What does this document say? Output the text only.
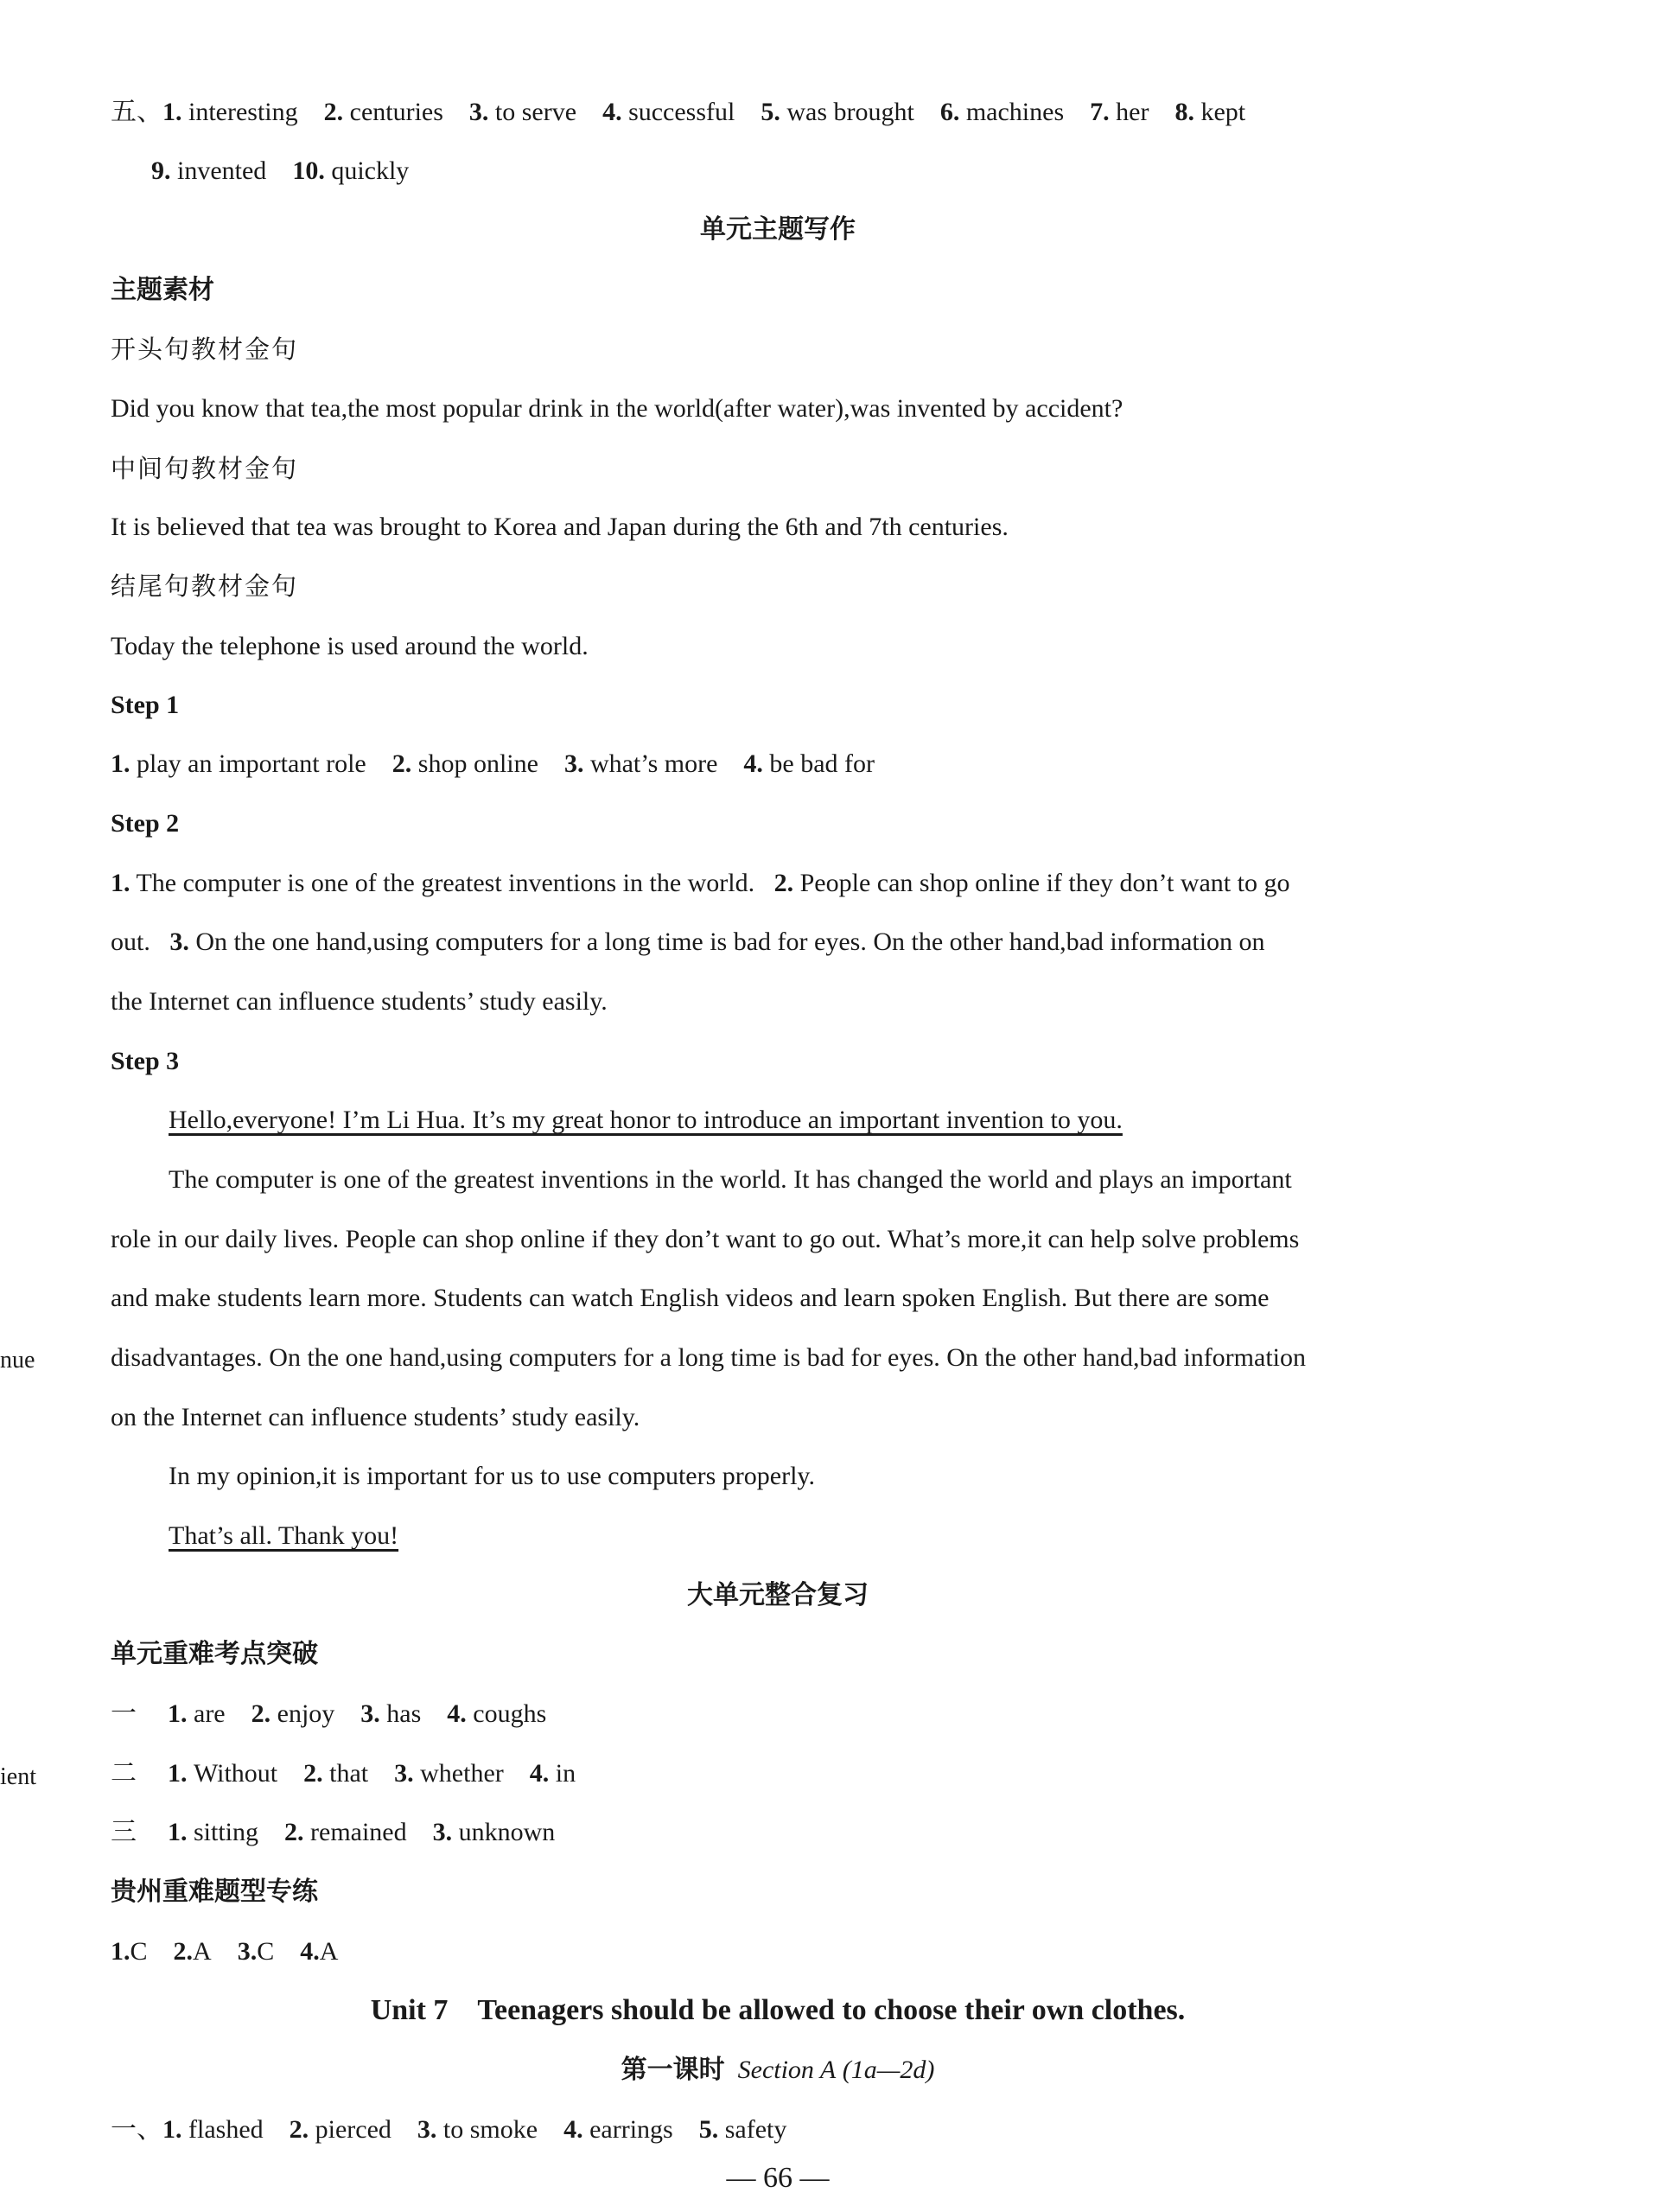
nue
ient
五、1. interesting 2. centuries 3. to serve 4. successful 5. was brought 6. machines 7. her 8. kept
9. invented 10. quickly
单元主题写作
主题素材
开头句教材金句
Did you know that tea,the most popular drink in the world(after water),was invented by accident?
中间句教材金句
It is believed that tea was brought to Korea and Japan during the 6th and 7th centuries.
结尾句教材金句
Today the telephone is used around the world.
Step 1
1. play an important role 2. shop online 3. what’s more 4. be bad for
Step 2
1. The computer is one of the greatest inventions in the world. 2. People can shop online if they don’t want to go
out. 3. On the one hand,using computers for a long time is bad for eyes. On the other hand,bad information on
the Internet can influence students’ study easily.
Step 3
Hello,everyone! I’m Li Hua. It’s my great honor to introduce an important invention to you.
The computer is one of the greatest inventions in the world. It has changed the world and plays an important
role in our daily lives. People can shop online if they don’t want to go out. What’s more,it can help solve problems
and make students learn more. Students can watch English videos and learn spoken English. But there are some
disadvantages. On the one hand,using computers for a long time is bad for eyes. On the other hand,bad information
on the Internet can influence students’ study easily.
In my opinion,it is important for us to use computers properly.
That’s all. Thank you!
大单元整合复习
单元重难考点突破
一 1. are 2. enjoy 3. has 4. coughs
二 1. Without 2. that 3. whether 4. in
三 1. sitting 2. remained 3. unknown
贵州重难题型专练
1.C 2.A 3.C 4.A
Unit 7　Teenagers should be allowed to choose their own clothes.
第一课时 Section A (1a—2d)
一、1. flashed 2. pierced 3. to smoke 4. earrings 5. safety
— 66 —
